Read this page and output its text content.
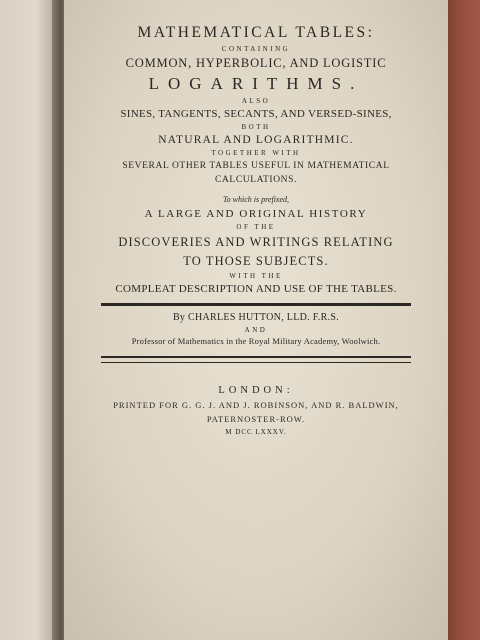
MATHEMATICAL TABLES:

CONTAINING

COMMON, HYPERBOLIC, AND LOGISTIC

LOGARITHMS.

ALSO

SINES, TANGENTS, SECANTS, AND VERSED-SINES,

BOTH

NATURAL AND LOGARITHMIC.

TOGETHER WITH

SEVERAL OTHER TABLES USEFUL IN MATHEMATICAL

CALCULATIONS.

To which is prefixed,

A LARGE AND ORIGINAL HISTORY

OF THE

DISCOVERIES AND WRITINGS RELATING

TO THOSE SUBJECTS.

WITH THE

COMPLEAT DESCRIPTION AND USE OF THE TABLES.

By CHARLES HUTTON, LLD. F.R.S.

AND

Professor of Mathematics in the Royal Military Academy, Woolwich.

LONDON:

PRINTED FOR G. G. J. AND J. ROBINSON, AND R. BALDWIN,

PATERNOSTER-ROW.

M DCC LXXXV.
